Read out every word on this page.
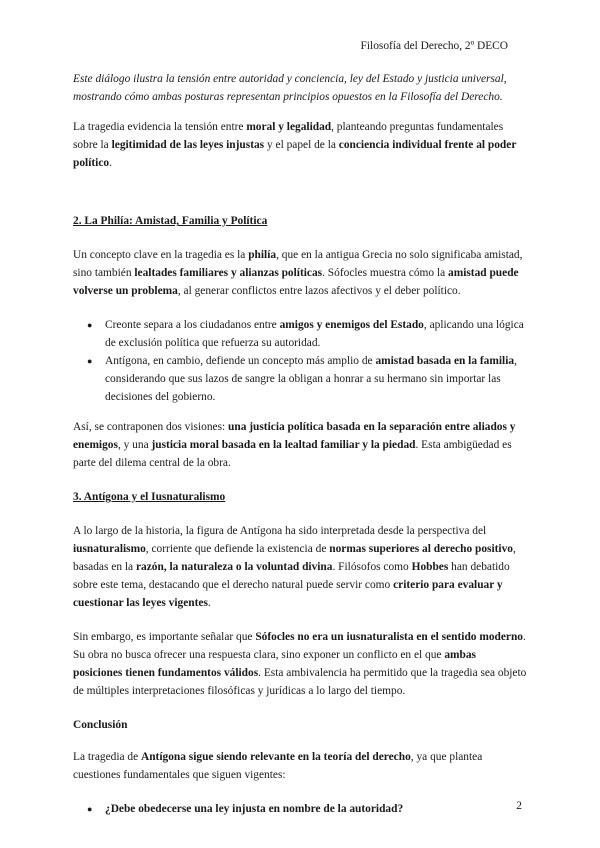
Filosofía del Derecho, 2º DECO

Este diálogo ilustra la tensión entre autoridad y conciencia, ley del Estado y justicia universal, mostrando cómo ambas posturas representan principios opuestos en la Filosofía del Derecho.

La tragedia evidencia la tensión entre moral y legalidad, planteando preguntas fundamentales sobre la legitimidad de las leyes injustas y el papel de la conciencia individual frente al poder político.

2. La Philía: Amistad, Familia y Política

Un concepto clave en la tragedia es la philía, que en la antigua Grecia no solo significaba amistad, sino también lealtades familiares y alianzas políticas. Sófocles muestra cómo la amistad puede volverse un problema, al generar conflictos entre lazos afectivos y el deber político.

● Creonte separa a los ciudadanos entre amigos y enemigos del Estado, aplicando una lógica de exclusión política que refuerza su autoridad.
● Antígona, en cambio, defiende un concepto más amplio de amistad basada en la familia, considerando que sus lazos de sangre la obligan a honrar a su hermano sin importar las decisiones del gobierno.

Así, se contraponen dos visiones: una justicia política basada en la separación entre aliados y enemigos, y una justicia moral basada en la lealtad familiar y la piedad. Esta ambigüedad es parte del dilema central de la obra.

3. Antígona y el Iusnaturalismo

A lo largo de la historia, la figura de Antígona ha sido interpretada desde la perspectiva del iusnaturalismo, corriente que defiende la existencia de normas superiores al derecho positivo, basadas en la razón, la naturaleza o la voluntad divina. Filósofos como Hobbes han debatido sobre este tema, destacando que el derecho natural puede servir como criterio para evaluar y cuestionar las leyes vigentes.

Sin embargo, es importante señalar que Sófocles no era un iusnaturalista en el sentido moderno. Su obra no busca ofrecer una respuesta clara, sino exponer un conflicto en el que ambas posiciones tienen fundamentos válidos. Esta ambivalencia ha permitido que la tragedia sea objeto de múltiples interpretaciones filosóficas y jurídicas a lo largo del tiempo.

Conclusión

La tragedia de Antígona sigue siendo relevante en la teoría del derecho, ya que plantea cuestiones fundamentales que siguen vigentes:

● ¿Debe obedecerse una ley injusta en nombre de la autoridad?	2
